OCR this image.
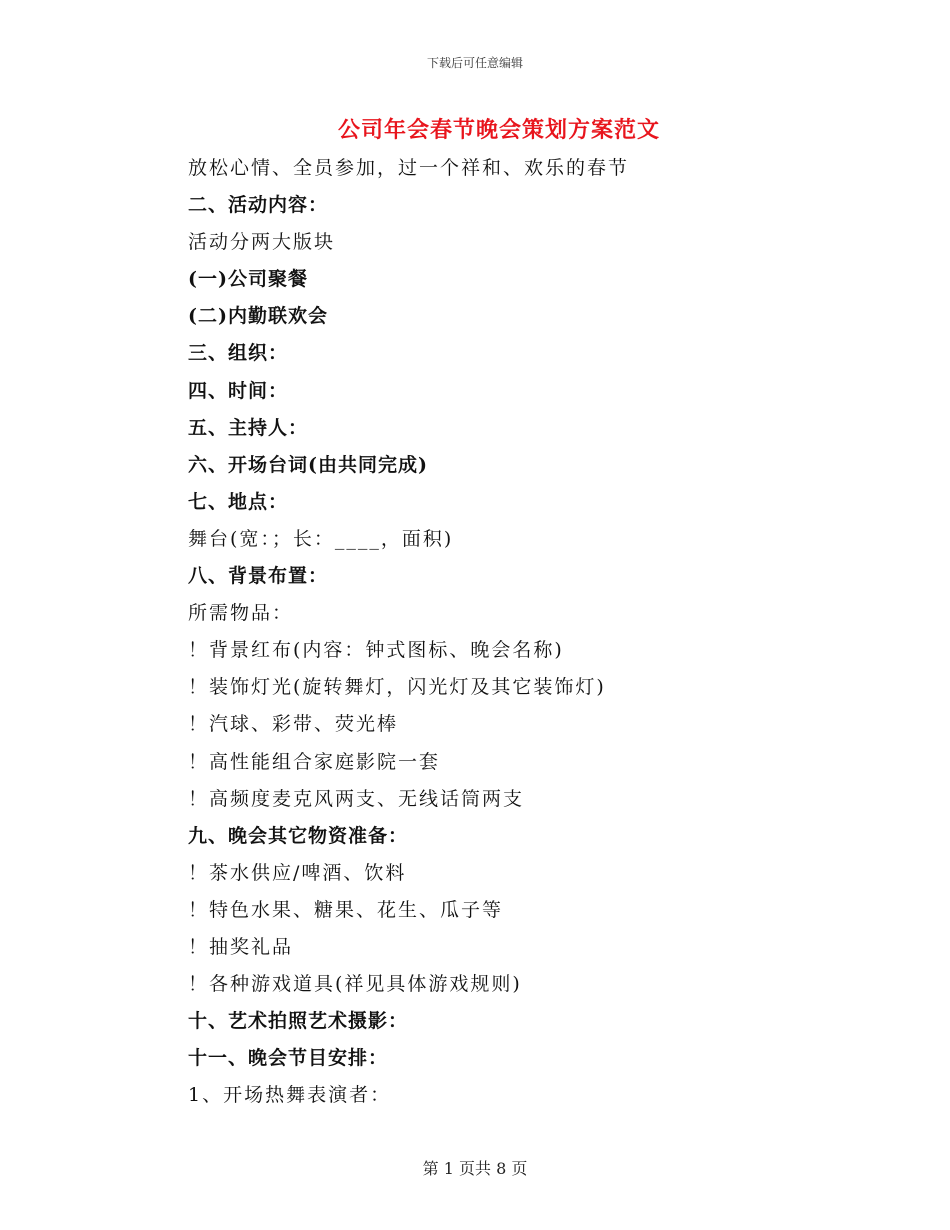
下载后可任意编辑
公司年会春节晚会策划方案范文
放松心情、全员参加，过一个祥和、欢乐的春节
二、活动内容：
活动分两大版块
(一)公司聚餐
(二)内勤联欢会
三、组织：
四、时间：
五、主持人：
六、开场台词(由共同完成)
七、地点：
舞台(宽：；长：____，面积)
八、背景布置：
所需物品：
！背景红布(内容：钟式图标、晚会名称)
！装饰灯光(旋转舞灯，闪光灯及其它装饰灯)
！汽球、彩带、荧光棒
！高性能组合家庭影院一套
！高频度麦克风两支、无线话筒两支
九、晚会其它物资准备：
！茶水供应/啤酒、饮料
！特色水果、糖果、花生、瓜子等
！抽奖礼品
！各种游戏道具(祥见具体游戏规则)
十、艺术拍照艺术摄影：
十一、晚会节目安排：
1、开场热舞表演者：
第 1 页共 8 页
